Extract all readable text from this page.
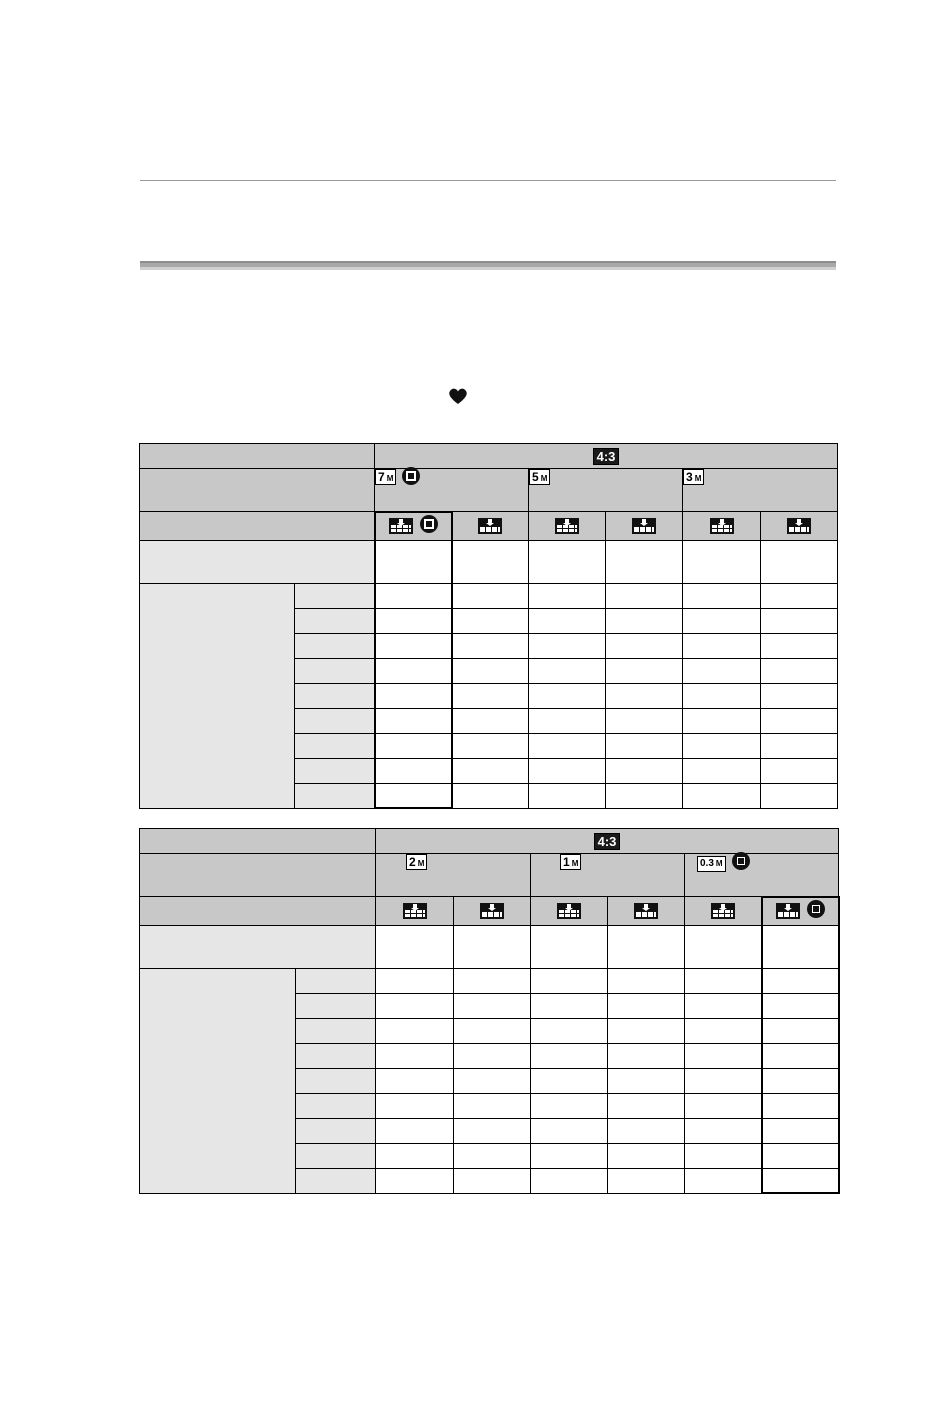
		4:3					

		7 M		5 M		3 M	

		4:3					

		2 M		1 M		0.3 M	
